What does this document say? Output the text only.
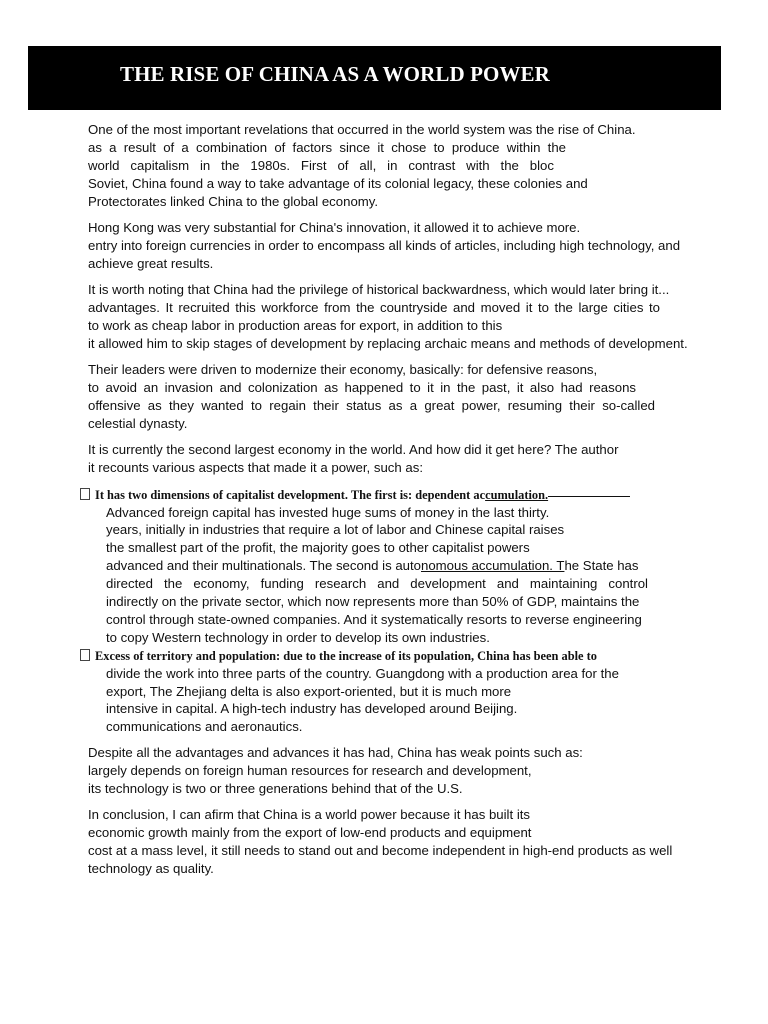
THE RISE OF CHINA AS A WORLD POWER
One of the most important revelations that occurred in the world system was the rise of China.
as a result of a combination of factors since it chose to produce within the
world capitalism in the 1980s. First of all, in contrast with the bloc
Soviet, China found a way to take advantage of its colonial legacy, these colonies and
Protectorates linked China to the global economy.
Hong Kong was very substantial for China's innovation, it allowed it to achieve more.
entry into foreign currencies in order to encompass all kinds of articles, including high technology, and
achieve great results.
It is worth noting that China had the privilege of historical backwardness, which would later bring it...
advantages. It recruited this workforce from the countryside and moved it to the large cities to
to work as cheap labor in production areas for export, in addition to this
it allowed him to skip stages of development by replacing archaic means and methods of development.
Their leaders were driven to modernize their economy, basically: for defensive reasons,
to avoid an invasion and colonization as happened to it in the past, it also had reasons
offensive as they wanted to regain their status as a great power, resuming their so-called
celestial dynasty.
It is currently the second largest economy in the world. And how did it get here? The author
it recounts various aspects that made it a power, such as:
It has two dimensions of capitalist development. The first is: dependent accumulation.
Advanced foreign capital has invested huge sums of money in the last thirty.
years, initially in industries that require a lot of labor and Chinese capital raises
the smallest part of the profit, the majority goes to other capitalist powers
advanced and their multinationals. The second is autonomous accumulation. The State has
directed the economy, funding research and development and maintaining control
indirectly on the private sector, which now represents more than 50% of GDP, maintains the
control through state-owned companies. And it systematically resorts to reverse engineering
to copy Western technology in order to develop its own industries.
Excess of territory and population: due to the increase of its population, China has been able to
divide the work into three parts of the country. Guangdong with a production area for the
export, The Zhejiang delta is also export-oriented, but it is much more
intensive in capital. A high-tech industry has developed around Beijing.
communications and aeronautics.
Despite all the advantages and advances it has had, China has weak points such as:
largely depends on foreign human resources for research and development,
its technology is two or three generations behind that of the U.S.
In conclusion, I can afirm that China is a world power because it has built its
economic growth mainly from the export of low-end products and equipment
cost at a mass level, it still needs to stand out and become independent in high-end products as well
technology as quality.
